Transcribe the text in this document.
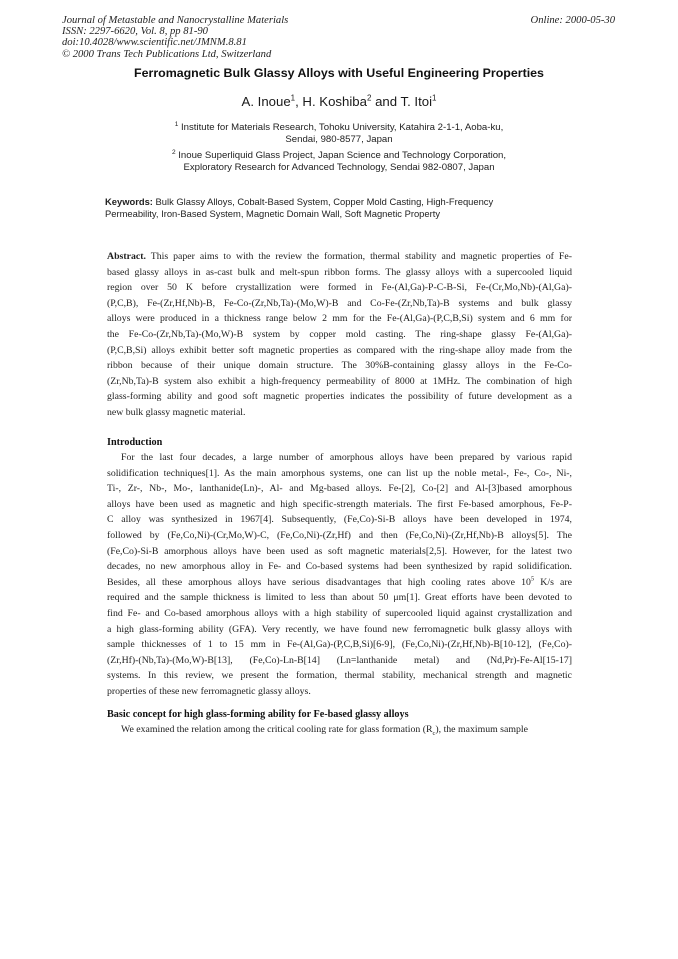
Journal of Metastable and Nanocrystalline Materials
ISSN: 2297-6620, Vol. 8, pp 81-90
doi:10.4028/www.scientific.net/JMNM.8.81
© 2000 Trans Tech Publications Ltd, Switzerland
Online: 2000-05-30
Ferromagnetic Bulk Glassy Alloys with Useful Engineering Properties
A. Inoue$^1$, H. Koshiba$^2$ and T. Itoi$^1$
$^1$ Institute for Materials Research, Tohoku University, Katahira 2-1-1, Aoba-ku,
Sendai, 980-8577, Japan
$^2$ Inoue Superliquid Glass Project, Japan Science and Technology Corporation,
Exploratory Research for Advanced Technology, Sendai 982-0807, Japan
Keywords: Bulk Glassy Alloys, Cobalt-Based System, Copper Mold Casting, High-Frequency
Permeability, Iron-Based System, Magnetic Domain Wall, Soft Magnetic Property
Abstract. This paper aims to with the review the formation, thermal stability and magnetic properties of Fe-
based glassy alloys in as-cast bulk and melt-spun ribbon forms. The glassy alloys with a supercooled liquid
region over 50 K before crystallization were formed in Fe-(Al,Ga)-P-C-B-Si, Fe-(Cr,Mo,Nb)-(Al,Ga)-
(P,C,B), Fe-(Zr,Hf,Nb)-B, Fe-Co-(Zr,Nb,Ta)-(Mo,W)-B and Co-Fe-(Zr,Nb,Ta)-B systems and bulk glassy
alloys were produced in a thickness range below 2 mm for the Fe-(Al,Ga)-(P,C,B,Si) system and 6 mm for
the Fe-Co-(Zr,Nb,Ta)-(Mo,W)-B system by copper mold casting. The ring-shape glassy Fe-(Al,Ga)-
(P,C,B,Si) alloys exhibit better soft magnetic properties as compared with the ring-shape alloy made from the
ribbon because of their unique domain structure. The 30%B-containing glassy alloys in the Fe-Co-
(Zr,Nb,Ta)-B system also exhibit a high-frequency permeability of 8000 at 1MHz. The combination of high
glass-forming ability and good soft magnetic properties indicates the possibility of future development as a
new bulk glassy magnetic material.
Introduction
For the last four decades, a large number of amorphous alloys have been prepared by various rapid
solidification techniques[1]. As the main amorphous systems, one can list up the noble metal-, Fe-, Co-, Ni-,
Ti-, Zr-, Nb-, Mo-, lanthanide(Ln)-, Al- and Mg-based alloys. Fe-[2], Co-[2] and Al-[3]based amorphous
alloys have been used as magnetic and high specific-strength materials. The first Fe-based amorphous, Fe-P-
C alloy was synthesized in 1967[4]. Subsequently, (Fe,Co)-Si-B alloys have been developed in 1974,
followed by (Fe,Co,Ni)-(Cr,Mo,W)-C, (Fe,Co,Ni)-(Zr,Hf) and then (Fe,Co,Ni)-(Zr,Hf,Nb)-B alloys[5]. The
(Fe,Co)-Si-B amorphous alloys have been used as soft magnetic materials[2,5]. However, for the latest two
decades, no new amorphous alloy in Fe- and Co-based systems had been synthesized by rapid solidification.
Besides, all these amorphous alloys have serious disadvantages that high cooling rates above $10^5$ K/s are
required and the sample thickness is limited to less than about 50 μm[1]. Great efforts have been devoted to
find Fe- and Co-based amorphous alloys with a high stability of supercooled liquid against crystallization and
a high glass-forming ability (GFA). Very recently, we have found new ferromagnetic bulk glassy alloys with
sample thicknesses of 1 to 15 mm in Fe-(Al,Ga)-(P,C,B,Si)[6-9], (Fe,Co,Ni)-(Zr,Hf,Nb)-B[10-12], (Fe,Co)-
(Zr,Hf)-(Nb,Ta)-(Mo,W)-B[13], (Fe,Co)-Ln-B[14] (Ln=lanthanide metal) and (Nd,Pr)-Fe-Al[15-17]
systems. In this review, we present the formation, thermal stability, mechanical strength and magnetic
properties of these new ferromagnetic glassy alloys.
Basic concept for high glass-forming ability for Fe-based glassy alloys
We examined the relation among the critical cooling rate for glass formation $(R_c)$, the maximum sample
